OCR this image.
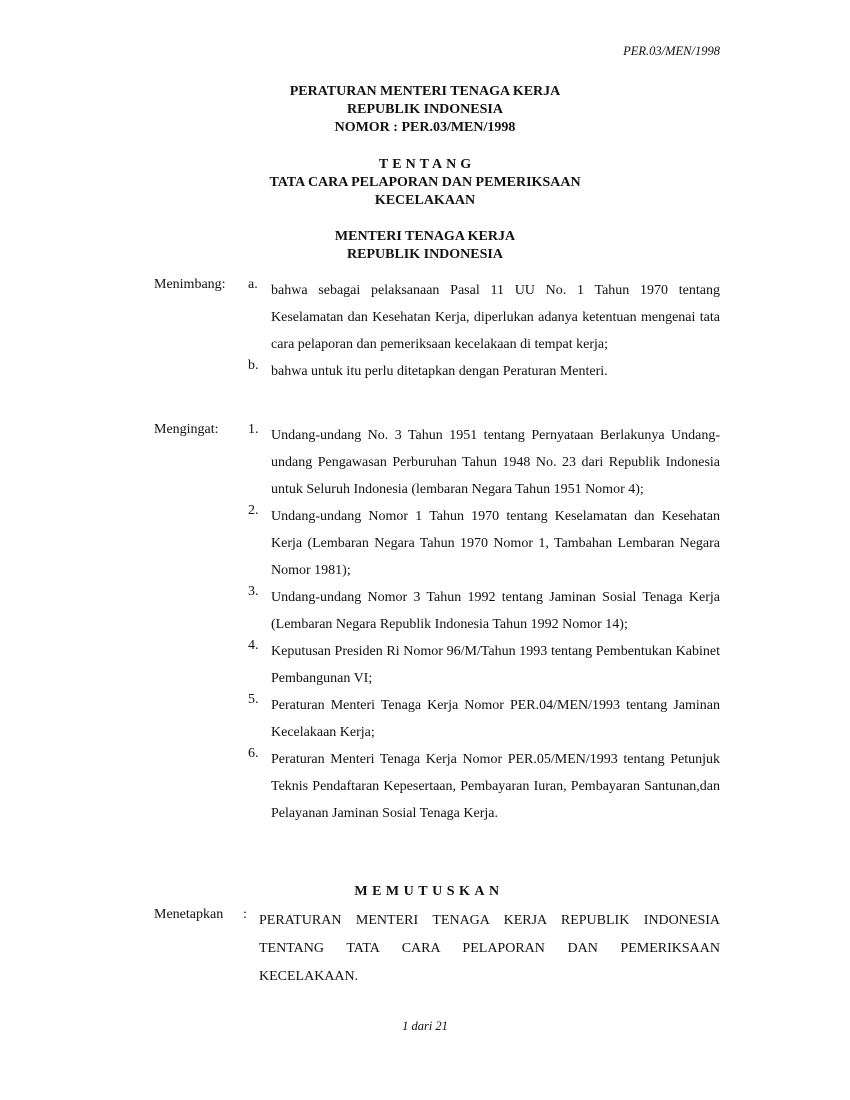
PER.03/MEN/1998
PERATURAN MENTERI TENAGA KERJA
REPUBLIK INDONESIA
NOMOR : PER.03/MEN/1998
TENTANG
TATA CARA PELAPORAN DAN PEMERIKSAAN
KECELAKAAN
MENTERI TENAGA KERJA
REPUBLIK INDONESIA
Menimbang: a. bahwa sebagai pelaksanaan Pasal 11 UU No. 1 Tahun 1970 tentang Keselamatan dan Kesehatan Kerja, diperlukan adanya ketentuan mengenai tata cara pelaporan dan pemeriksaan kecelakaan di tempat kerja;
b. bahwa untuk itu perlu ditetapkan dengan Peraturan Menteri.
Mengingat: 1. Undang-undang No. 3 Tahun 1951 tentang Pernyataan Berlakunya Undang-undang Pengawasan Perburuhan Tahun 1948 No. 23 dari Republik Indonesia untuk Seluruh Indonesia (lembaran Negara Tahun 1951 Nomor 4);
2. Undang-undang Nomor 1 Tahun 1970 tentang Keselamatan dan Kesehatan Kerja (Lembaran Negara Tahun 1970 Nomor 1, Tambahan Lembaran Negara Nomor 1981);
3. Undang-undang Nomor 3 Tahun 1992 tentang Jaminan Sosial Tenaga Kerja (Lembaran Negara Republik Indonesia Tahun 1992 Nomor 14);
4. Keputusan Presiden Ri Nomor 96/M/Tahun 1993 tentang Pembentukan Kabinet Pembangunan VI;
5. Peraturan Menteri Tenaga Kerja Nomor PER.04/MEN/1993 tentang Jaminan Kecelakaan Kerja;
6. Peraturan Menteri Tenaga Kerja Nomor PER.05/MEN/1993 tentang Petunjuk Teknis Pendaftaran Kepesertaan, Pembayaran Iuran, Pembayaran Santunan,dan Pelayanan Jaminan Sosial Tenaga Kerja.
MEMUTUSKAN
Menetapkan : PERATURAN MENTERI TENAGA KERJA REPUBLIK INDONESIA TENTANG TATA CARA PELAPORAN DAN PEMERIKSAAN KECELAKAAN.
1 dari 21
